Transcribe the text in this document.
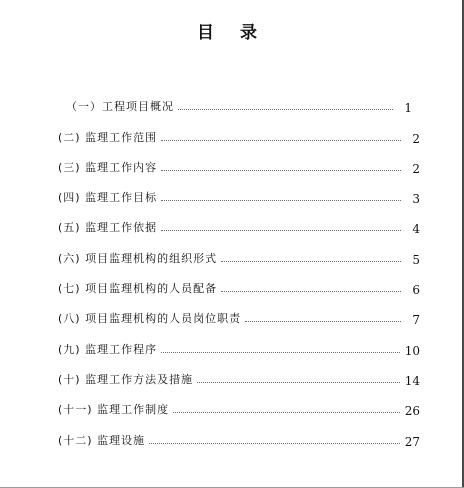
目 录
（一）工程项目概况	1
(二) 监理工作范围	2
(三) 监理工作内容	2
(四) 监理工作目标	3
(五) 监理工作依据	4
(六) 项目监理机构的组织形式	5
(七) 项目监理机构的人员配备	6
(八) 项目监理机构的人员岗位职责	7
(九) 监理工作程序	10
(十) 监理工作方法及措施	14
(十一) 监理工作制度	26
(十二) 监理设施	27
